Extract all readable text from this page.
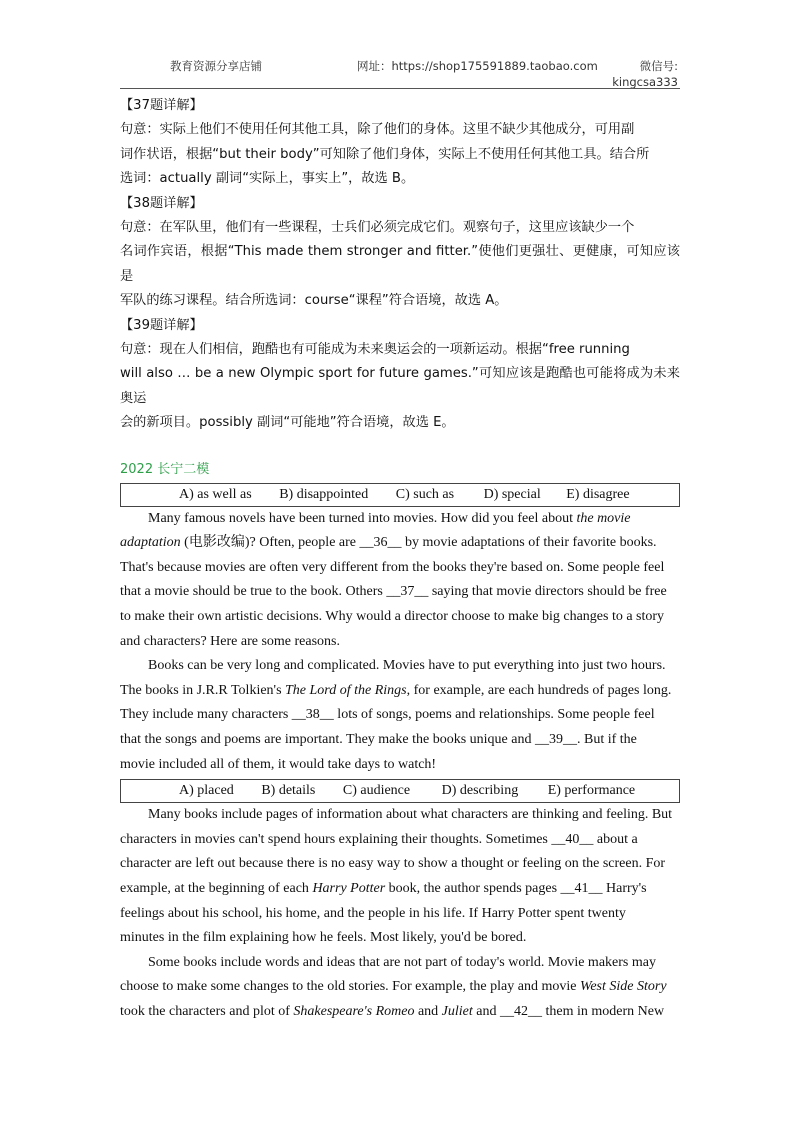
教育资源分享店铺	网址：https://shop175591889.taobao.com	微信号:
kingcsa333

【37题详解】

句意：实际上他们不使用任何其他工具，除了他们的身体。这里不缺少其他成分，可用副

词作状语，根据“but their body”可知除了他们身体，实际上不使用任何其他工具。结合所

选词：actually 副词“实际上，事实上”，故选 B。

【38题详解】

句意：在军队里，他们有一些课程，士兵们必须完成它们。观察句子，这里应该缺少一个

名词作宾语，根据“This made them stronger and fitter.”使他们更强壮、更健康，可知应该是

军队的练习课程。结合所选词：course“课程”符合语境，故选 A。

【39题详解】

句意：现在人们相信，跑酷也有可能成为未来奥运会的一项新运动。根据“free running

will also … be a new Olympic sport for future games.”可知应该是跑酷也可能将成为未来奥运

会的新项目。possibly 副词“可能地”符合语境，故选 E。

2022 长宁二模

A) as well as B) disappointed C) such as D) special E) disagree

Many famous novels have been turned into movies. How did you feel about the movie

adaptation (电影改编)? Often, people are __36__ by movie adaptations of their favorite books.

That's because movies are often very different from the books they're based on. Some people feel

that a movie should be true to the book. Others __37__ saying that movie directors should be free

to make their own artistic decisions. Why would a director choose to make big changes to a story

and characters? Here are some reasons.

Books can be very long and complicated. Movies have to put everything into just two hours.

The books in J.R.R Tolkien's The Lord of the Rings, for example, are each hundreds of pages long.

They include many characters __38__ lots of songs, poems and relationships. Some people feel

that the songs and poems are important. They make the books unique and __39__. But if the

movie included all of them, it would take days to watch!

A) placed B) details C) audience D) describing E) performance

Many books include pages of information about what characters are thinking and feeling. But

characters in movies can't spend hours explaining their thoughts. Sometimes __40__ about a

character are left out because there is no easy way to show a thought or feeling on the screen. For

example, at the beginning of each Harry Potter book, the author spends pages __41__ Harry's

feelings about his school, his home, and the people in his life. If Harry Potter spent twenty

minutes in the film explaining how he feels. Most likely, you'd be bored.

Some books include words and ideas that are not part of today's world. Movie makers may

choose to make some changes to the old stories. For example, the play and movie West Side Story

took the characters and plot of Shakespeare's Romeo and Juliet and __42__ them in modern New
